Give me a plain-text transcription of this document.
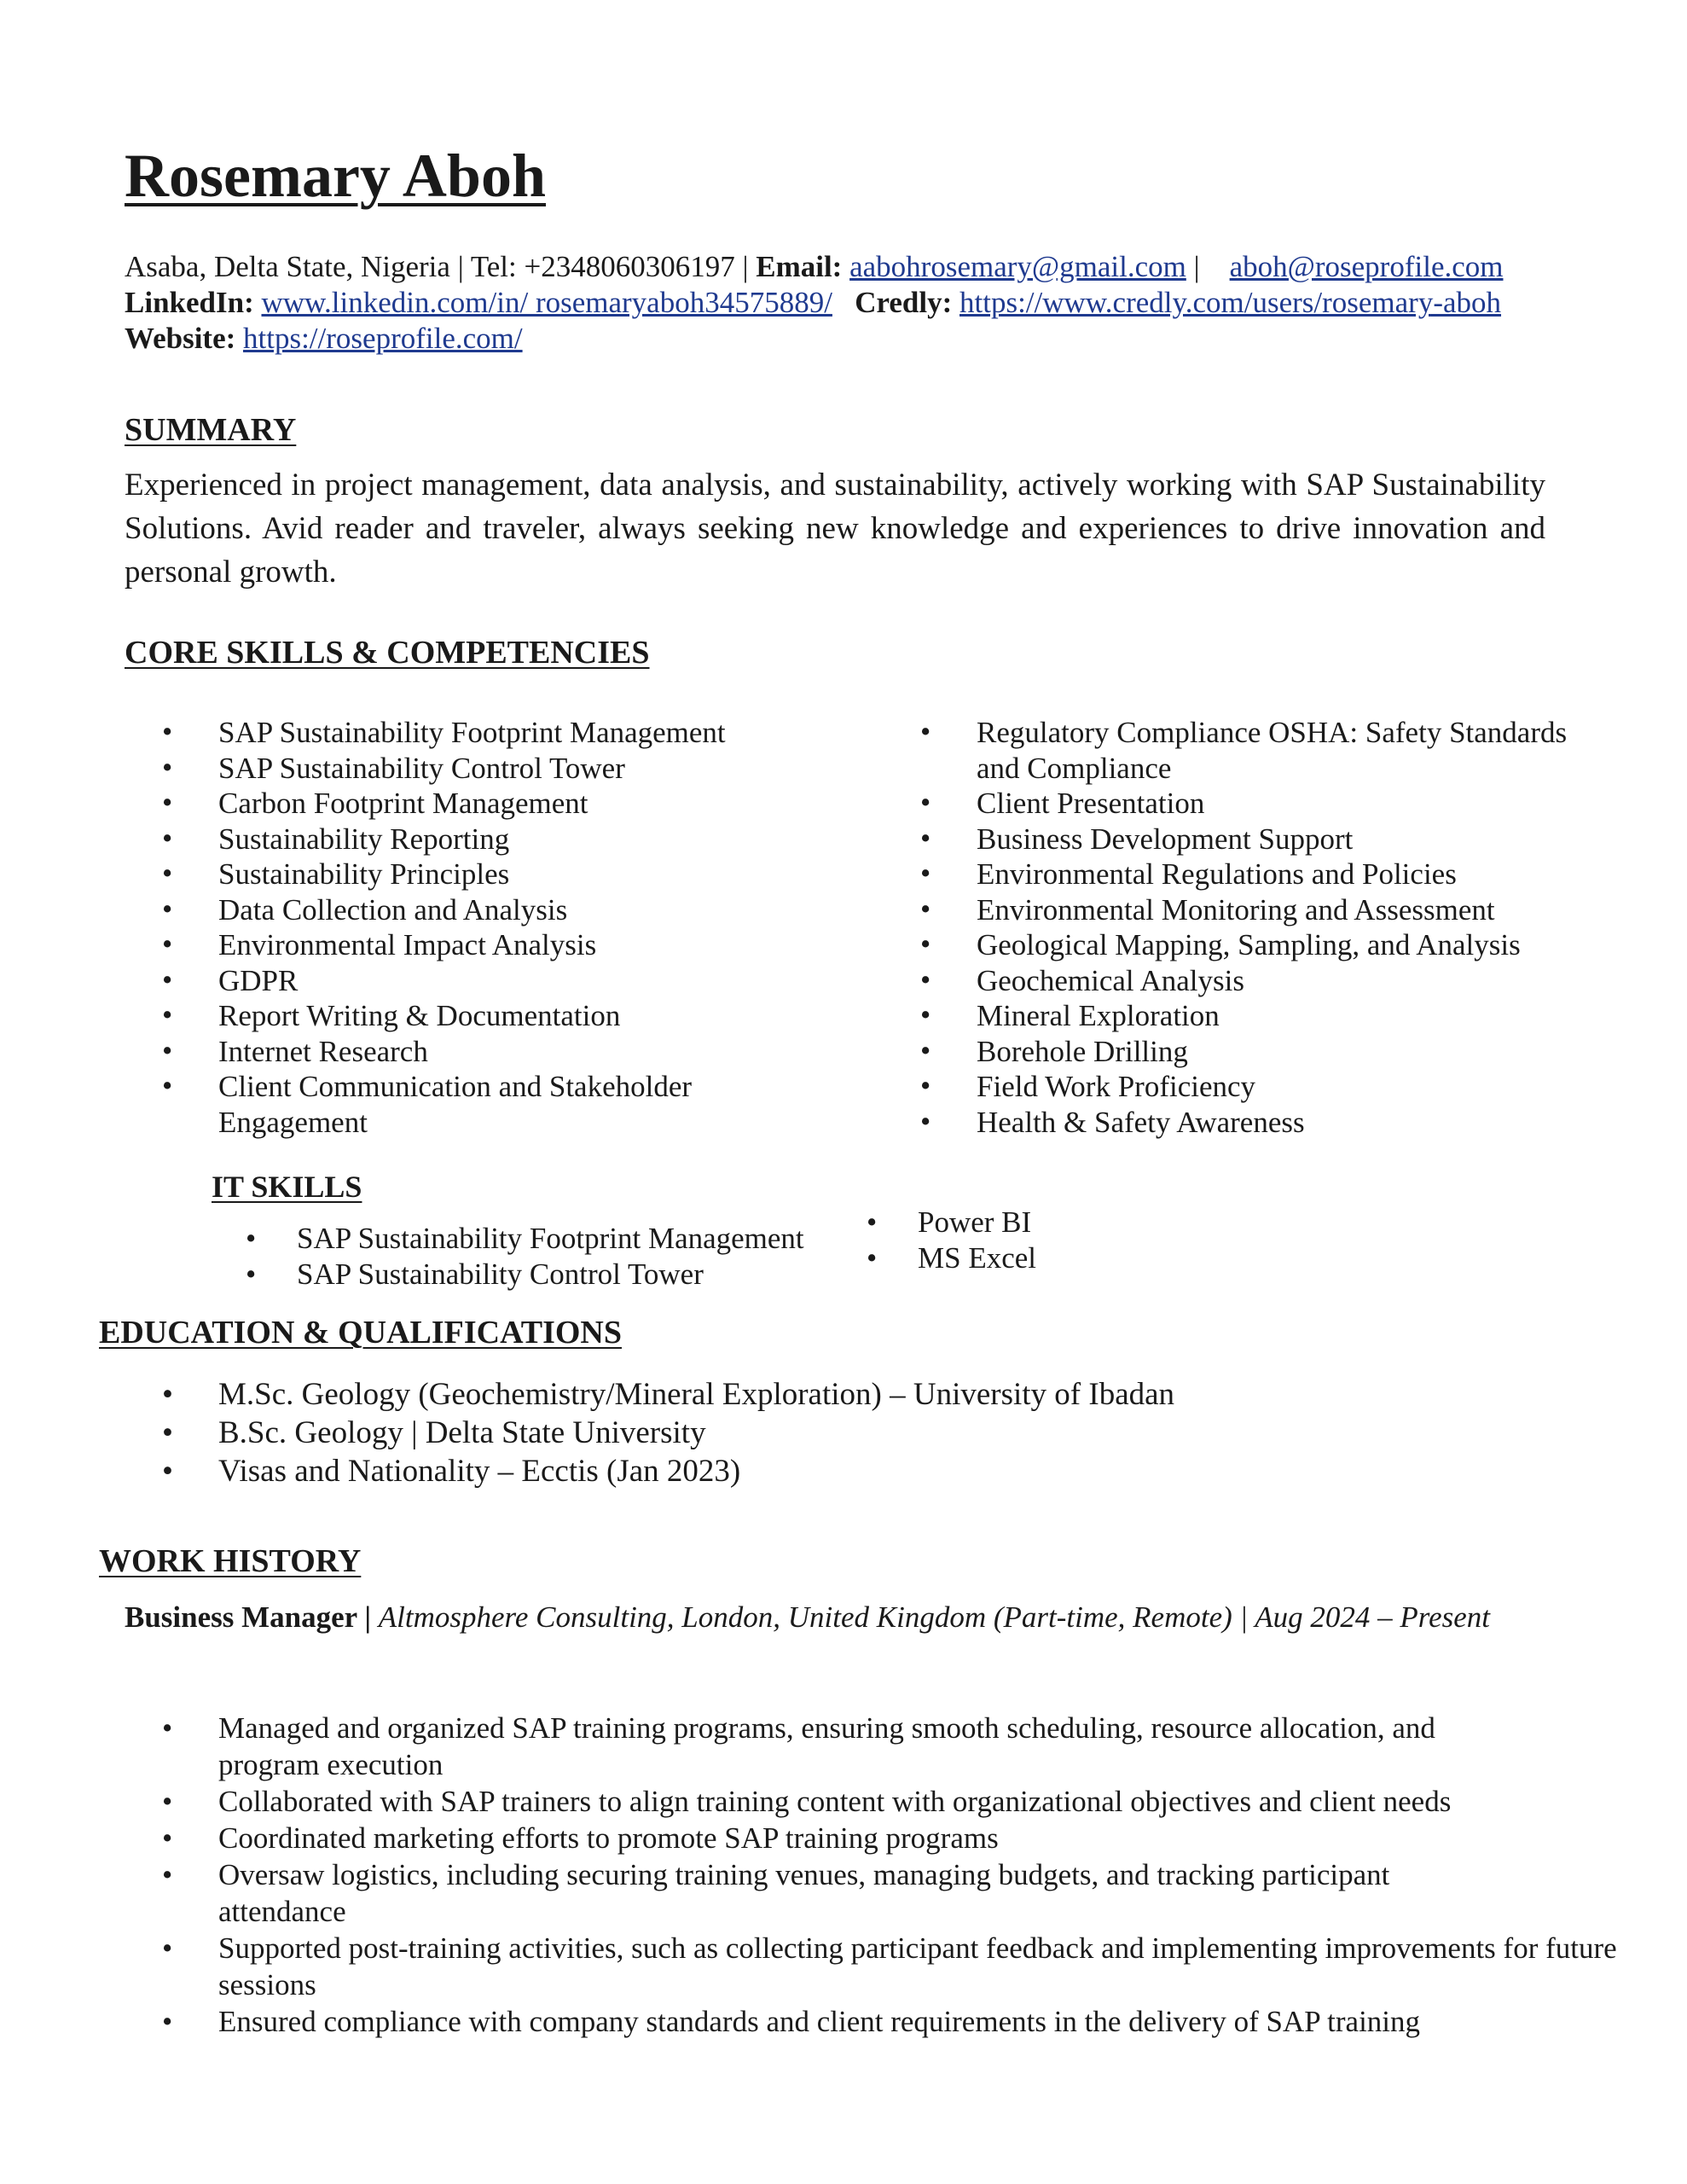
Rosemary Aboh
Asaba, Delta State, Nigeria | Tel: +2348060306197 | Email: aabohrosemary@gmail.com | aboh@roseprofile.com
LinkedIn: www.linkedin.com/in/ rosemaryaboh34575889/ Credly: https://www.credly.com/users/rosemary-aboh
Website: https://roseprofile.com/
SUMMARY

Experienced in project management, data analysis, and sustainability, actively working with SAP Sustainability Solutions. Avid reader and traveler, always seeking new knowledge and experiences to drive innovation and personal growth.

CORE SKILLS & COMPETENCIES
• SAP Sustainability Footprint Management
• SAP Sustainability Control Tower
• Carbon Footprint Management
• Sustainability Reporting
• Sustainability Principles
• Data Collection and Analysis
• Environmental Impact Analysis
• GDPR
• Report Writing & Documentation
• Internet Research
• Client Communication and Stakeholder Engagement
• Regulatory Compliance OSHA: Safety Standards and Compliance
• Client Presentation
• Business Development Support
• Environmental Regulations and Policies
• Environmental Monitoring and Assessment
• Geological Mapping, Sampling, and Analysis
• Geochemical Analysis
• Mineral Exploration
• Borehole Drilling
• Field Work Proficiency
• Health & Safety Awareness
IT SKILLS
• SAP Sustainability Footprint Management
• SAP Sustainability Control Tower
• Power BI
• MS Excel
EDUCATION & QUALIFICATIONS
• M.Sc. Geology (Geochemistry/Mineral Exploration) – University of Ibadan
• B.Sc. Geology | Delta State University
• Visas and Nationality – Ecctis (Jan 2023)
WORK HISTORY

Business Manager | Altmosphere Consulting, London, United Kingdom (Part-time, Remote) | Aug 2024 – Present

• Managed and organized SAP training programs, ensuring smooth scheduling, resource allocation, and program execution
• Collaborated with SAP trainers to align training content with organizational objectives and client needs
• Coordinated marketing efforts to promote SAP training programs
• Oversaw logistics, including securing training venues, managing budgets, and tracking participant attendance
• Supported post-training activities, such as collecting participant feedback and implementing improvements for future sessions
• Ensured compliance with company standards and client requirements in the delivery of SAP training
